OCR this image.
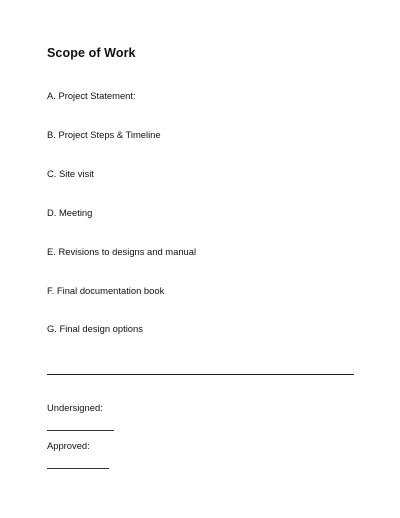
Scope of Work
A. Project Statement:
B. Project Steps & Timeline
C. Site visit
D. Meeting
E. Revisions to designs and manual
F. Final documentation book
G. Final design options
Undersigned:
Approved:
